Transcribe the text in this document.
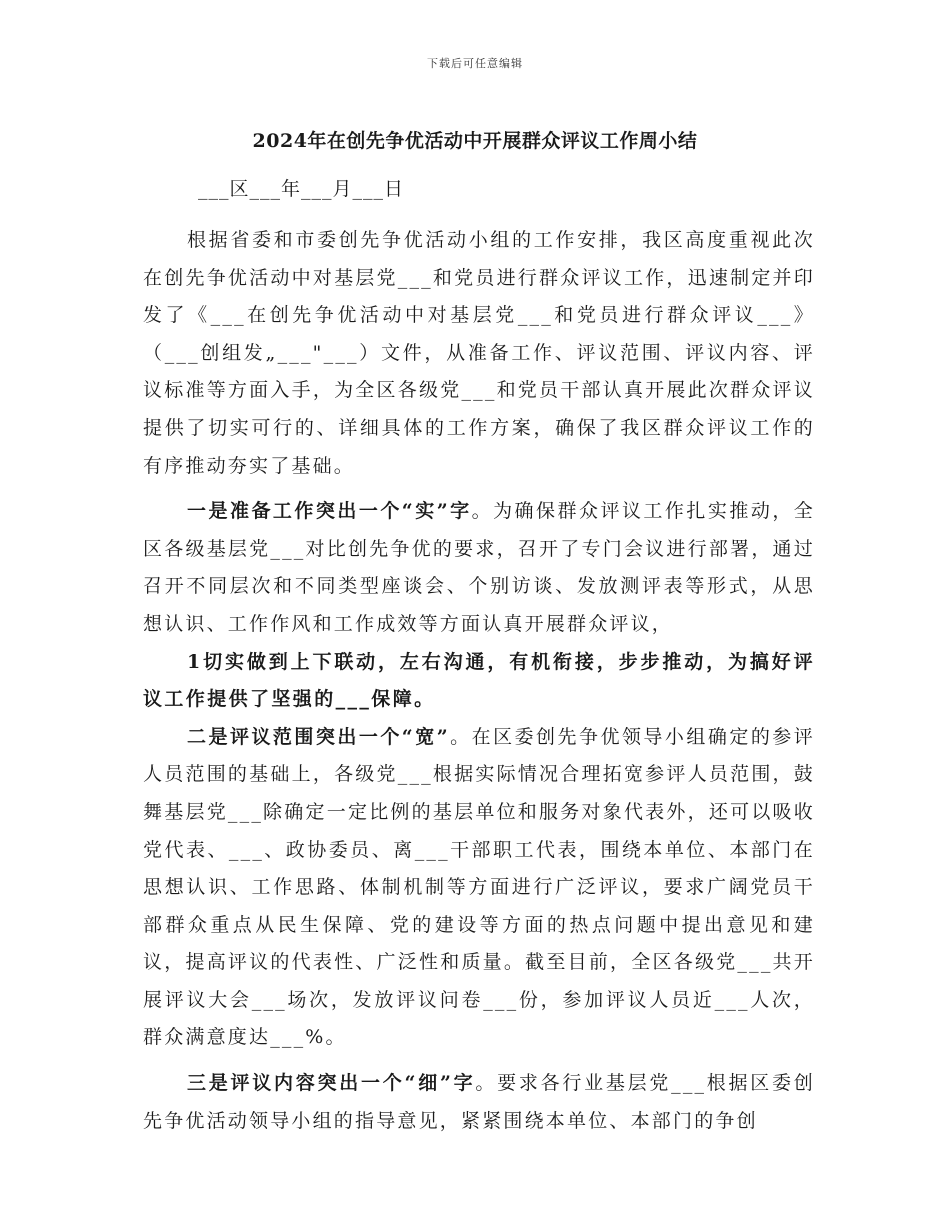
下载后可任意编辑
2024年在创先争优活动中开展群众评议工作周小结
___区___年___月___日

根据省委和市委创先争优活动小组的工作安排，我区高度重视此次在创先争优活动中对基层党___和党员进行群众评议工作，迅速制定并印发了《___在创先争优活动中对基层党___和党员进行群众评议___》（___创组发„___"___）文件，从准备工作、评议范围、评议内容、评议标准等方面入手，为全区各级党___和党员干部认真开展此次群众评议提供了切实可行的、详细具体的工作方案，确保了我区群众评议工作的有序推动夯实了基础。

一是准备工作突出一个“实”字。为确保群众评议工作扎实推动，全区各级基层党___对比创先争优的要求，召开了专门会议进行部署，通过召开不同层次和不同类型座谈会、个别访谈、发放测评表等形式，从思想认识、工作作风和工作成效等方面认真开展群众评议，

1切实做到上下联动，左右沟通，有机衔接，步步推动，为搞好评议工作提供了坚强的___保障。

二是评议范围突出一个“宽”。在区委创先争优领导小组确定的参评人员范围的基础上，各级党___根据实际情况合理拓宽参评人员范围，鼓舞基层党___除确定一定比例的基层单位和服务对象代表外，还可以吸收党代表、___、政协委员、离___干部职工代表，围绕本单位、本部门在思想认识、工作思路、体制机制等方面进行广泛评议，要求广阔党员干部群众重点从民生保障、党的建设等方面的热点问题中提出意见和建议，提高评议的代表性、广泛性和质量。截至目前，全区各级党___共开展评议大会___场次，发放评议问卷___份，参加评议人员近___人次，群众满意度达___%。

三是评议内容突出一个“细”字。要求各行业基层党___根据区委创先争优活动领导小组的指导意见，紧紧围绕本单位、本部门的争创
